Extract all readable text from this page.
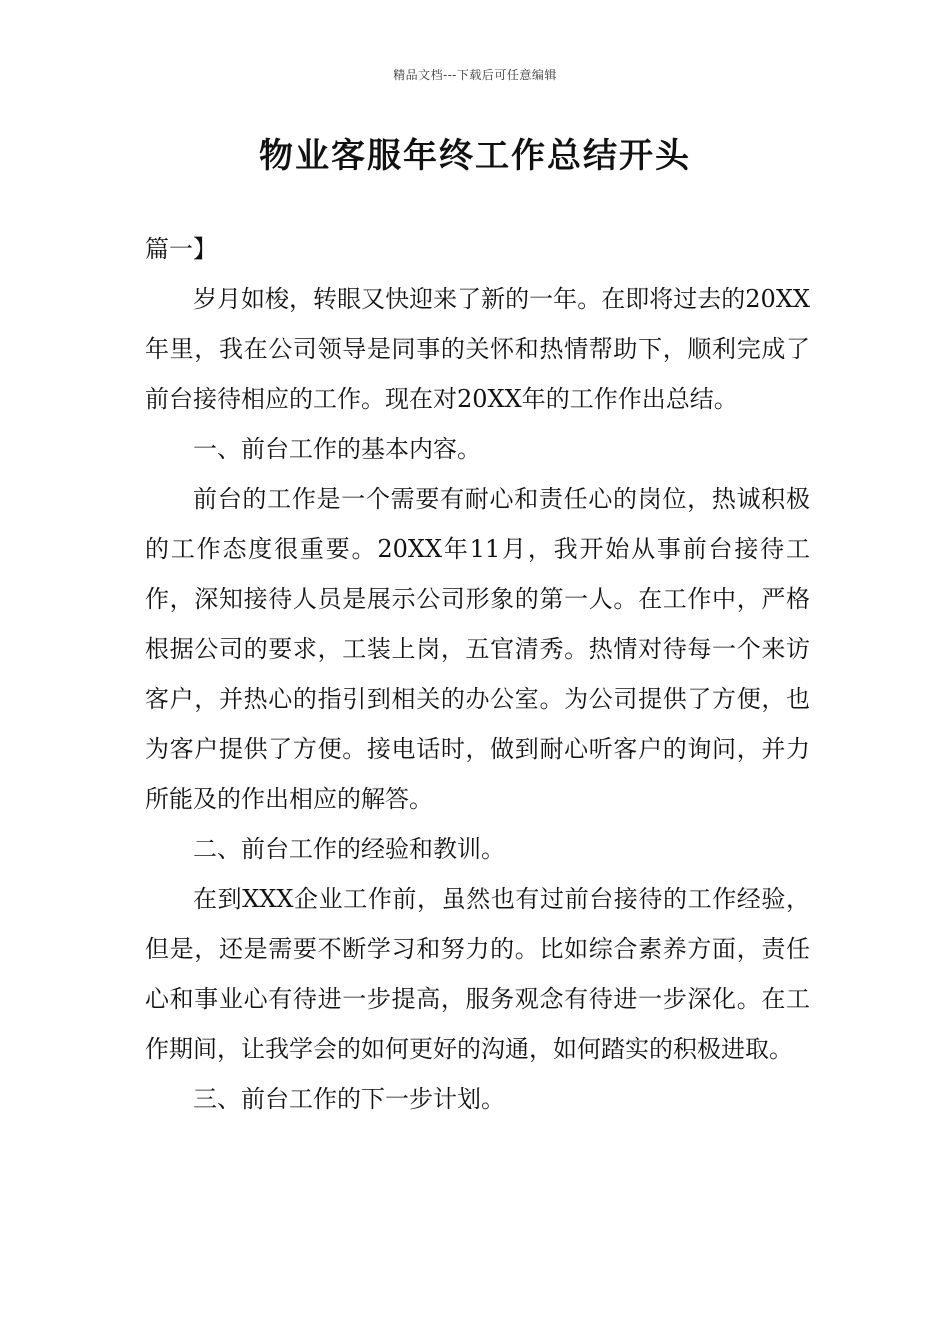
精品文档---下载后可任意编辑
物业客服年终工作总结开头

篇一】

岁月如梭，转眼又快迎来了新的一年。在即将过去的20XX年里，我在公司领导是同事的关怀和热情帮助下，顺利完成了前台接待相应的工作。现在对20XX年的工作作出总结。

一、前台工作的基本内容。

前台的工作是一个需要有耐心和责任心的岗位，热诚积极的工作态度很重要。20XX年11月，我开始从事前台接待工作，深知接待人员是展示公司形象的第一人。在工作中，严格根据公司的要求，工装上岗，五官清秀。热情对待每一个来访客户，并热心的指引到相关的办公室。为公司提供了方便，也为客户提供了方便。接电话时，做到耐心听客户的询问，并力所能及的作出相应的解答。

二、前台工作的经验和教训。

在到XXX企业工作前，虽然也有过前台接待的工作经验，但是，还是需要不断学习和努力的。比如综合素养方面，责任心和事业心有待进一步提高，服务观念有待进一步深化。在工作期间，让我学会的如何更好的沟通，如何踏实的积极进取。

三、前台工作的下一步计划。
